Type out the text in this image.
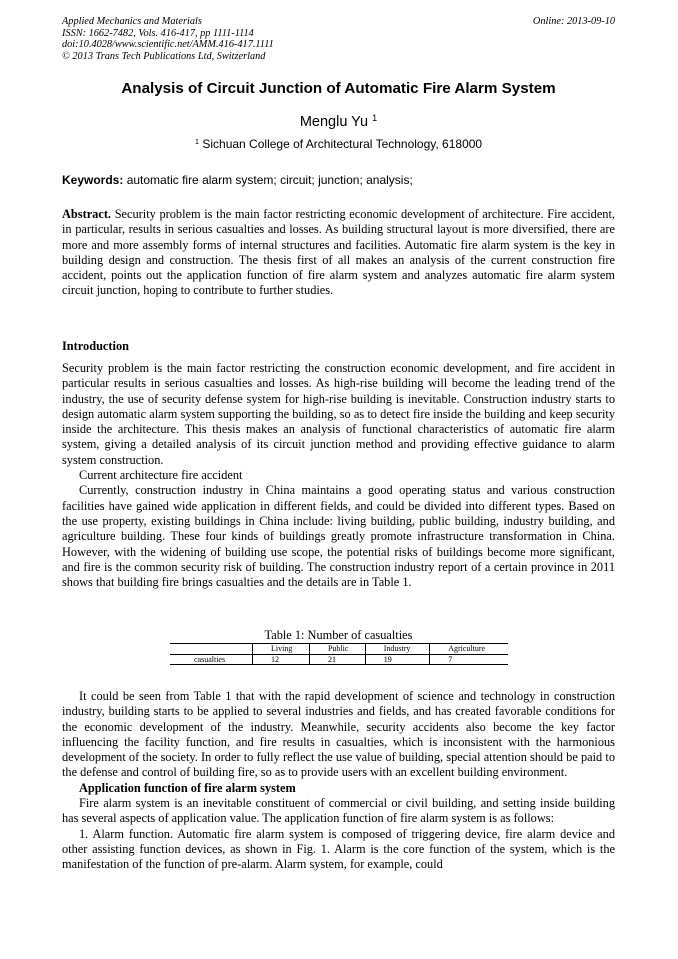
Applied Mechanics and Materials
ISSN: 1662-7482, Vols. 416-417, pp 1111-1114
doi:10.4028/www.scientific.net/AMM.416-417.1111
© 2013 Trans Tech Publications Ltd, Switzerland
Online: 2013-09-10
Analysis of Circuit Junction of Automatic Fire Alarm System
Menglu Yu $^1$
$^1$ Sichuan College of Architectural Technology, 618000
Keywords: automatic fire alarm system; circuit; junction; analysis;
Abstract. Security problem is the main factor restricting economic development of architecture. Fire accident, in particular, results in serious casualties and losses. As building structural layout is more diversified, there are more and more assembly forms of internal structures and facilities. Automatic fire alarm system is the key in building design and construction. The thesis first of all makes an analysis of the current construction fire accident, points out the application function of fire alarm system and analyzes automatic fire alarm system circuit junction, hoping to contribute to further studies.
Introduction

Security problem is the main factor restricting the construction economic development, and fire accident in particular results in serious casualties and losses. As high-rise building will become the leading trend of the industry, the use of security defense system for high-rise building is inevitable. Construction industry starts to design automatic alarm system supporting the building, so as to detect fire inside the building and keep security inside the architecture. This thesis makes an analysis of functional characteristics of automatic fire alarm system, giving a detailed analysis of its circuit junction method and providing effective guidance to alarm system construction.

Current architecture fire accident

Currently, construction industry in China maintains a good operating status and various construction facilities have gained wide application in different fields, and could be divided into different types. Based on the use property, existing buildings in China include: living building, public building, industry building, and agriculture building. These four kinds of buildings greatly promote infrastructure transformation in China. However, with the widening of building use scope, the potential risks of buildings become more significant, and fire is the common security risk of building. The construction industry report of a certain province in 2011 shows that building fire brings casualties and the details are in Table 1.

Table 1: Number of casualties
	Living	Public	Industry	Agriculture
casualties	12	21	19	7

It could be seen from Table 1 that with the rapid development of science and technology in construction industry, building starts to be applied to several industries and fields, and has created favorable conditions for the economic development of the industry. Meanwhile, security accidents also become the key factor influencing the facility function, and fire results in casualties, which is inconsistent with the harmonious development of the society. In order to fully reflect the use value of building, special attention should be paid to the defense and control of building fire, so as to provide users with an excellent building environment.

Application function of fire alarm system

Fire alarm system is an inevitable constituent of commercial or civil building, and setting inside building has several aspects of application value. The application function of fire alarm system is as follows:

1. Alarm function. Automatic fire alarm system is composed of triggering device, fire alarm device and other assisting function devices, as shown in Fig. 1. Alarm is the core function of the system, which is the manifestation of the function of pre-alarm. Alarm system, for example, could
